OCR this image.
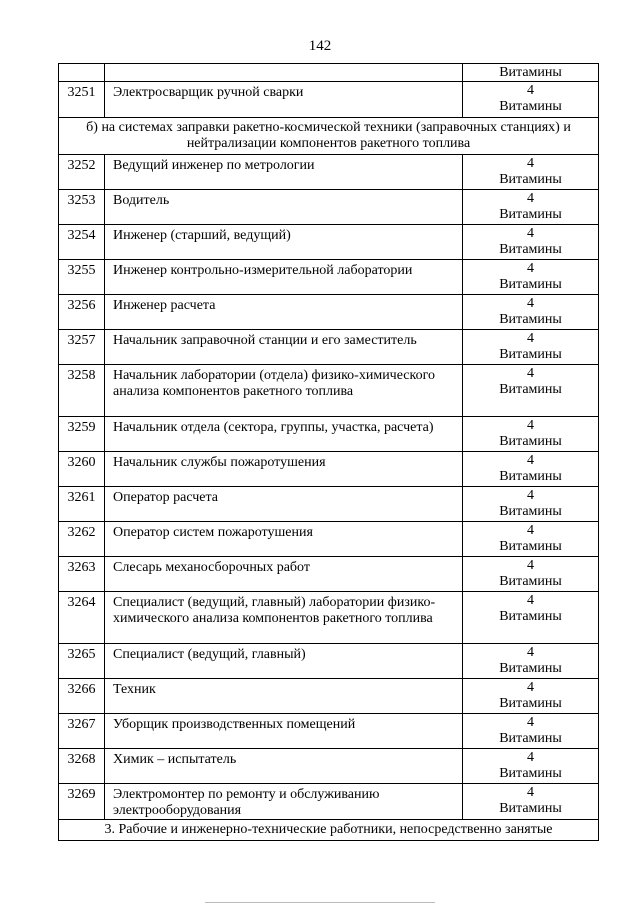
142

		Витамины

3251	Электросварщик ручной сварки	4
Витамины

б) на системах заправки ракетно-космической техники (заправочных станциях) и нейтрализации компонентов ракетного топлива		
3252	Ведущий инженер по метрологии	4
Витамины

3253	Водитель	4
Витамины

3254	Инженер (старший, ведущий)	4
Витамины

3255	Инженер контрольно-измерительной лаборатории	4
Витамины

3256	Инженер расчета	4
Витамины

3257	Начальник заправочной станции и его заместитель	4
Витамины

3258	Начальник лаборатории (отдела) физико-химического анализа компонентов ракетного топлива	4
Витамины

3259	Начальник отдела (сектора, группы, участка, расчета)	4
Витамины

3260	Начальник службы пожаротушения	4
Витамины

3261	Оператор расчета	4
Витамины

3262	Оператор систем пожаротушения	4
Витамины

3263	Слесарь механосборочных работ	4
Витамины

3264	Специалист (ведущий, главный) лаборатории физико-химического анализа компонентов ракетного топлива	4
Витамины

3265	Специалист (ведущий, главный)	4
Витамины

3266	Техник	4
Витамины

3267	Уборщик производственных помещений	4
Витамины

3268	Химик – испытатель	4
Витамины

3269	Электромонтер по ремонту и обслуживанию электрооборудования	4
Витамины

3. Рабочие и инженерно-технические работники, непосредственно занятые		
